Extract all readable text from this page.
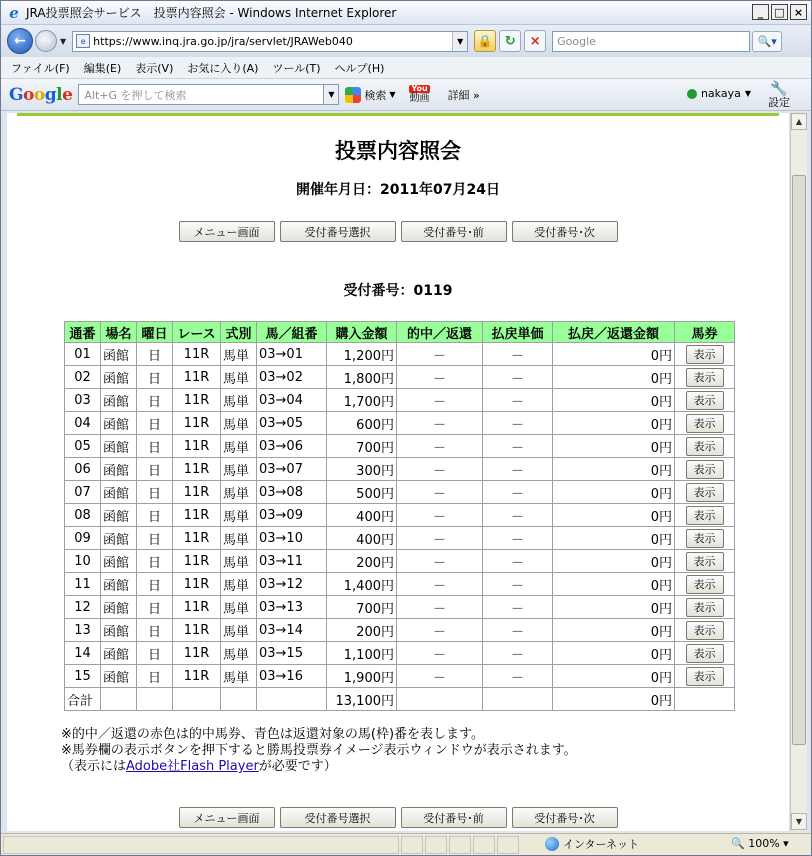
e JRA投票照会サービス　投票内容照会 - Windows Internet Explorer	_	□ ×
←	→	▼	e https://www.inq.jra.go.jp/jra/servlet/JRAWeb040	▼	🔒 ↻	×	Google	🔍▾
ファイル(F) 編集(E) 表示(V) お気に入り(A) ツール(T) ヘルプ(H)
Google	Alt+G を押して検索	▼	検索 ▼
You
動画 詳細 »	nakaya ▼ 🔧
設定
投票内容照会
開催年月日：2011年07月24日
メニュー画面	受付番号選択	受付番号･前	受付番号･次
受付番号：0119
通番	場名	曜日	レース	式別	馬／組番	購入金額	的中／返還	払戻単価	払戻／返還金額	馬券
01	函館	日	11R	馬単	03→01	1,200円	－	－	0円	表示
02	函館	日	11R	馬単	03→02	1,800円	－	－	0円	表示
03	函館	日	11R	馬単	03→04	1,700円	－	－	0円	表示
04	函館	日	11R	馬単	03→05	600円	－	－	0円	表示
05	函館	日	11R	馬単	03→06	700円	－	－	0円	表示
06	函館	日	11R	馬単	03→07	300円	－	－	0円	表示
07	函館	日	11R	馬単	03→08	500円	－	－	0円	表示
08	函館	日	11R	馬単	03→09	400円	－	－	0円	表示
09	函館	日	11R	馬単	03→10	400円	－	－	0円	表示
10	函館	日	11R	馬単	03→11	200円	－	－	0円	表示
11	函館	日	11R	馬単	03→12	1,400円	－	－	0円	表示
12	函館	日	11R	馬単	03→13	700円	－	－	0円	表示
13	函館	日	11R	馬単	03→14	200円	－	－	0円	表示
14	函館	日	11R	馬単	03→15	1,100円	－	－	0円	表示
15	函館	日	11R	馬単	03→16	1,900円	－	－	0円	表示
合計						13,100円			0円	
※的中／返還の赤色は的中馬券、青色は返還対象の馬(枠)番を表します。
※馬券欄の表示ボタンを押下すると勝馬投票券イメージ表示ウィンドウが表示されます。
（表示にはAdobe社Flash Playerが必要です）
メニュー画面	受付番号選択	受付番号･前	受付番号･次
▲
▼
インターネット	🔍 100% ▾
